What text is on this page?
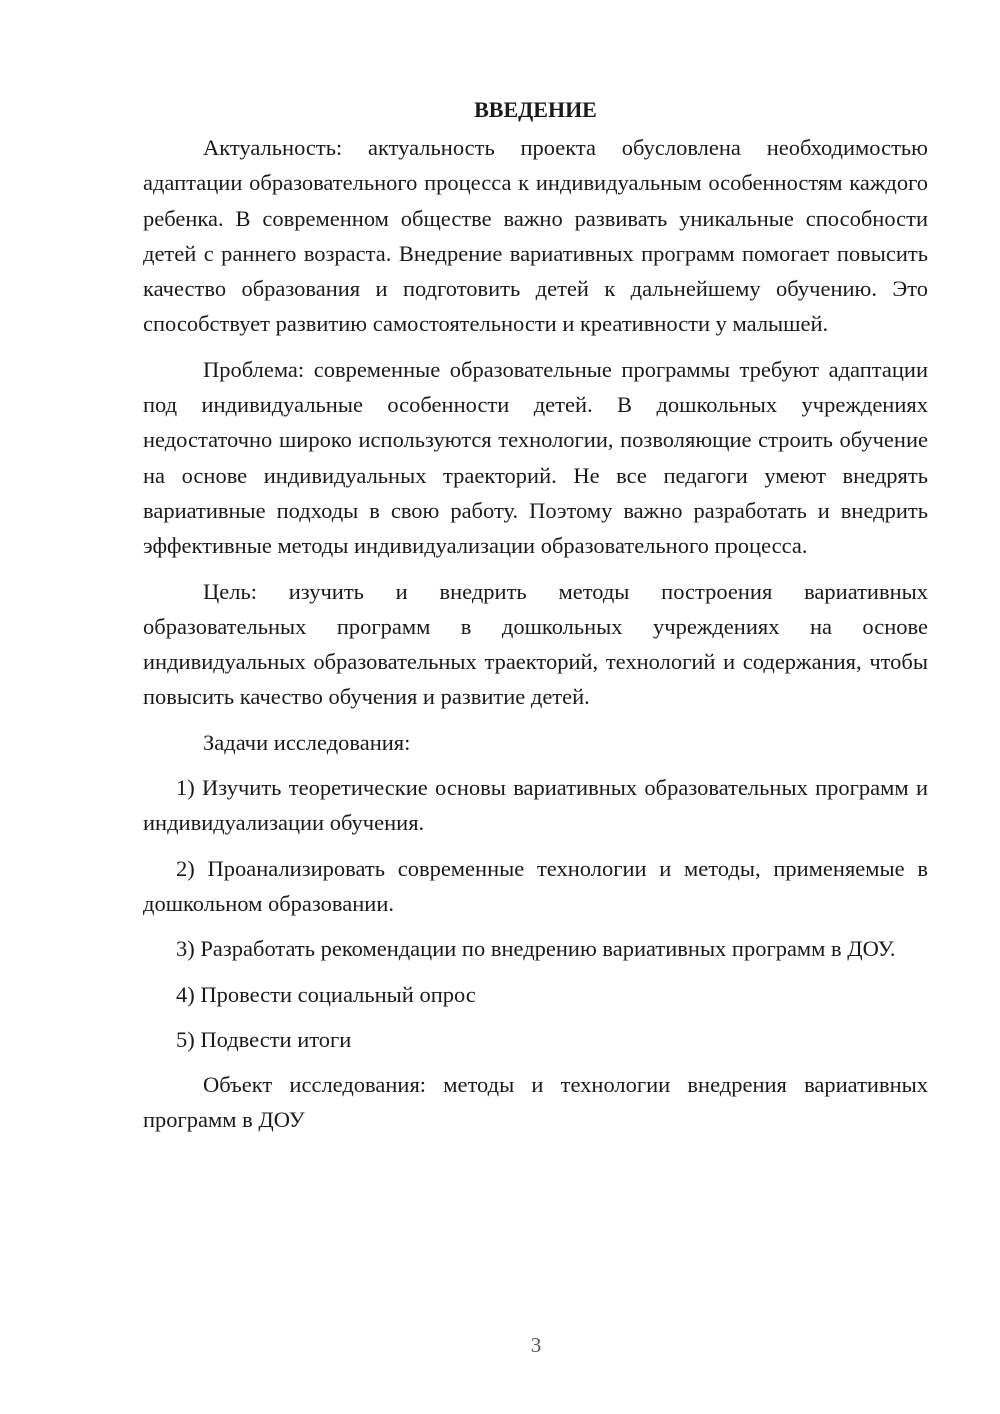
ВВЕДЕНИЕ

Актуальность: актуальность проекта обусловлена необходимостью адаптации образовательного процесса к индивидуальным особенностям каждого ребенка. В современном обществе важно развивать уникальные способности детей с раннего возраста. Внедрение вариативных программ помогает повысить качество образования и подготовить детей к дальнейшему обучению. Это способствует развитию самостоятельности и креативности у малышей.

Проблема: современные образовательные программы требуют адаптации под индивидуальные особенности детей. В дошкольных учреждениях недостаточно широко используются технологии, позволяющие строить обучение на основе индивидуальных траекторий. Не все педагоги умеют внедрять вариативные подходы в свою работу. Поэтому важно разработать и внедрить эффективные методы индивидуализации образовательного процесса.

Цель: изучить и внедрить методы построения вариативных образовательных программ в дошкольных учреждениях на основе индивидуальных образовательных траекторий, технологий и содержания, чтобы повысить качество обучения и развитие детей.

Задачи исследования:

1) Изучить теоретические основы вариативных образовательных программ и индивидуализации обучения.

2) Проанализировать современные технологии и методы, применяемые в дошкольном образовании.

3) Разработать рекомендации по внедрению вариативных программ в ДОУ.

4) Провести социальный опрос

5) Подвести итоги

Объект исследования: методы и технологии внедрения вариативных программ в ДОУ

3
